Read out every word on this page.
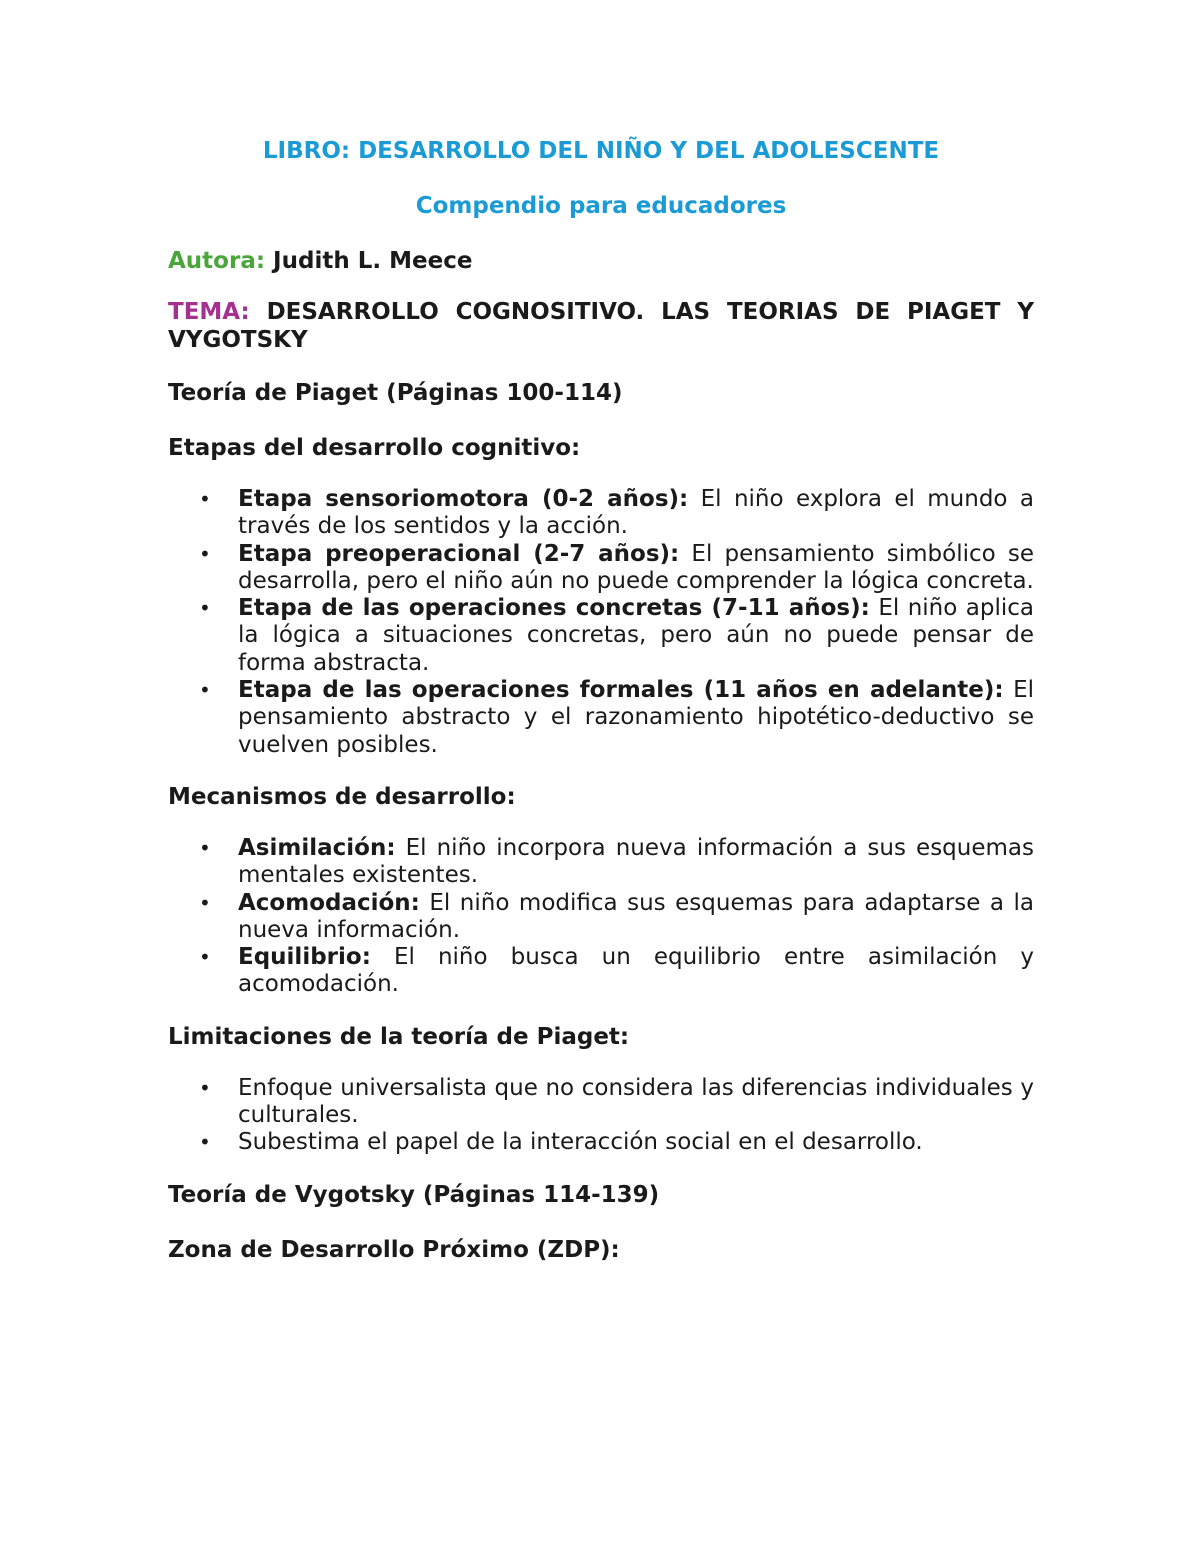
LIBRO: DESARROLLO DEL NIÑO Y DEL ADOLESCENTE

Compendio para educadores

Autora: Judith L. Meece

TEMA: DESARROLLO COGNOSITIVO. LAS TEORIAS DE PIAGET Y VYGOTSKY

Teoría de Piaget (Páginas 100-114)

Etapas del desarrollo cognitivo:

• Etapa sensoriomotora (0-2 años): El niño explora el mundo a través de los sentidos y la acción.
• Etapa preoperacional (2-7 años): El pensamiento simbólico se desarrolla, pero el niño aún no puede comprender la lógica concreta.
• Etapa de las operaciones concretas (7-11 años): El niño aplica la lógica a situaciones concretas, pero aún no puede pensar de forma abstracta.
• Etapa de las operaciones formales (11 años en adelante): El pensamiento abstracto y el razonamiento hipotético-deductivo se vuelven posibles.

Mecanismos de desarrollo:

• Asimilación: El niño incorpora nueva información a sus esquemas mentales existentes.
• Acomodación: El niño modifica sus esquemas para adaptarse a la nueva información.
• Equilibrio: El niño busca un equilibrio entre asimilación y acomodación.

Limitaciones de la teoría de Piaget:

• Enfoque universalista que no considera las diferencias individuales y culturales.
• Subestima el papel de la interacción social en el desarrollo.

Teoría de Vygotsky (Páginas 114-139)

Zona de Desarrollo Próximo (ZDP):
